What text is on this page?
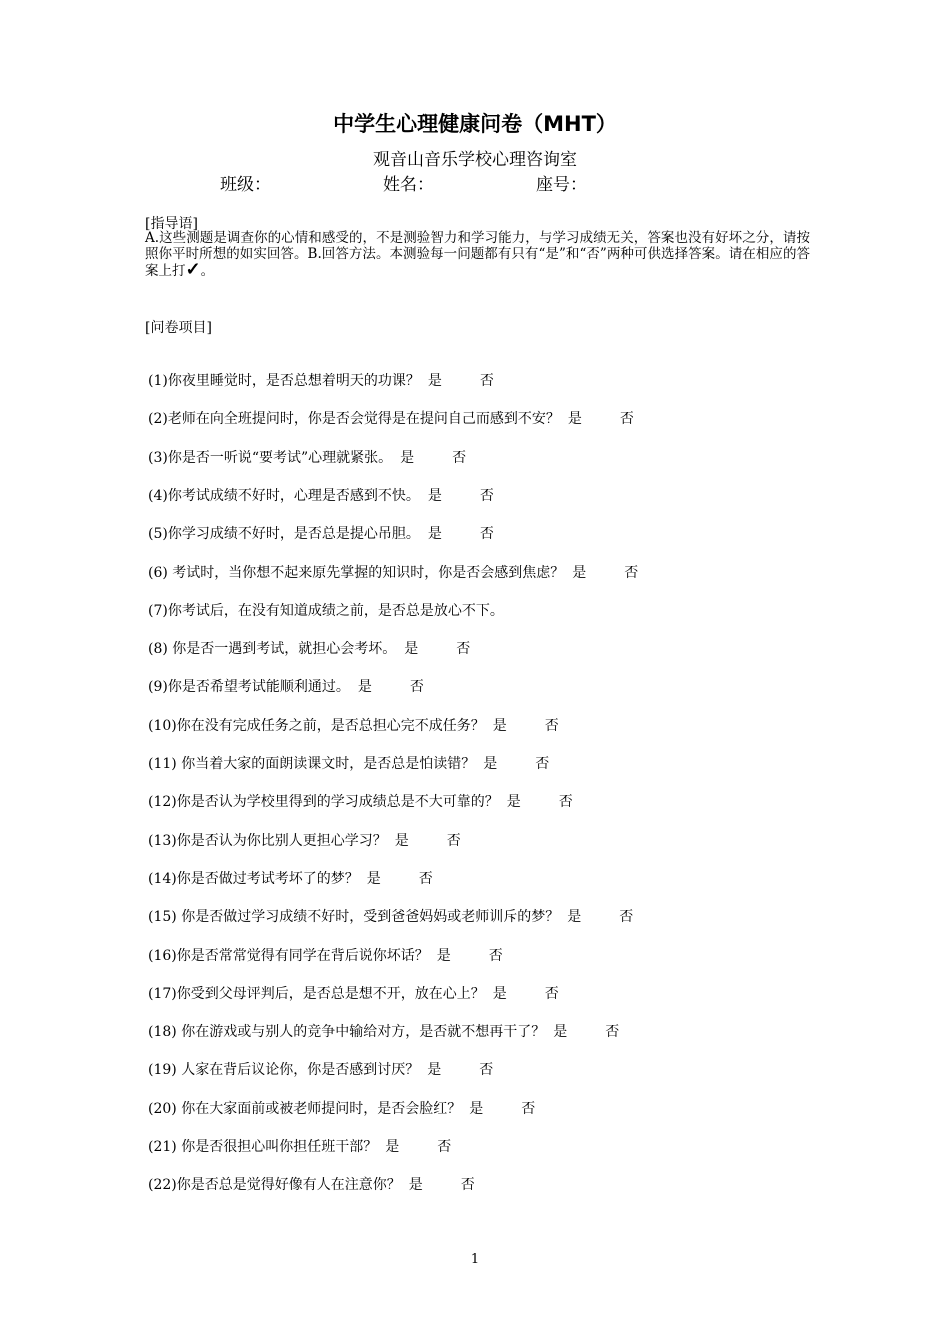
中学生心理健康问卷（MHT）
观音山音乐学校心理咨询室
班级：	姓名：	座号：
[指导语]
A.这些测题是调查你的心情和感受的，不是测验智力和学习能力，与学习成绩无关，答案也没有好坏之分，请按照你平时所想的如实回答。B.回答方法。本测验每一问题都有只有“是”和“否”两种可供选择答案。请在相应的答案上打✓。
[问卷项目]
(1)你夜里睡觉时，是否总想着明天的功课？ 是	否
(2)老师在向全班提问时，你是否会觉得是在提问自己而感到不安？ 是	否
(3)你是否一听说“要考试”心理就紧张。 是	否
(4)你考试成绩不好时，心理是否感到不快。 是	否
(5)你学习成绩不好时，是否总是提心吊胆。 是	否
(6) 考试时，当你想不起来原先掌握的知识时，你是否会感到焦虑？ 是	否
(7)你考试后，在没有知道成绩之前，是否总是放心不下。
(8) 你是否一遇到考试，就担心会考坏。 是	否
(9)你是否希望考试能顺利通过。 是	否
(10)你在没有完成任务之前，是否总担心完不成任务？ 是	否
(11) 你当着大家的面朗读课文时，是否总是怕读错？ 是	否
(12)你是否认为学校里得到的学习成绩总是不大可靠的？ 是	否
(13)你是否认为你比别人更担心学习？ 是	否
(14)你是否做过考试考坏了的梦？ 是	否
(15) 你是否做过学习成绩不好时，受到爸爸妈妈或老师训斥的梦？ 是	否
(16)你是否常常觉得有同学在背后说你坏话？ 是	否
(17)你受到父母评判后，是否总是想不开，放在心上？ 是	否
(18) 你在游戏或与别人的竞争中输给对方，是否就不想再干了？ 是	否
(19) 人家在背后议论你，你是否感到讨厌？ 是	否
(20) 你在大家面前或被老师提问时，是否会脸红？ 是	否
(21) 你是否很担心叫你担任班干部？ 是	否
(22)你是否总是觉得好像有人在注意你？ 是	否
1
